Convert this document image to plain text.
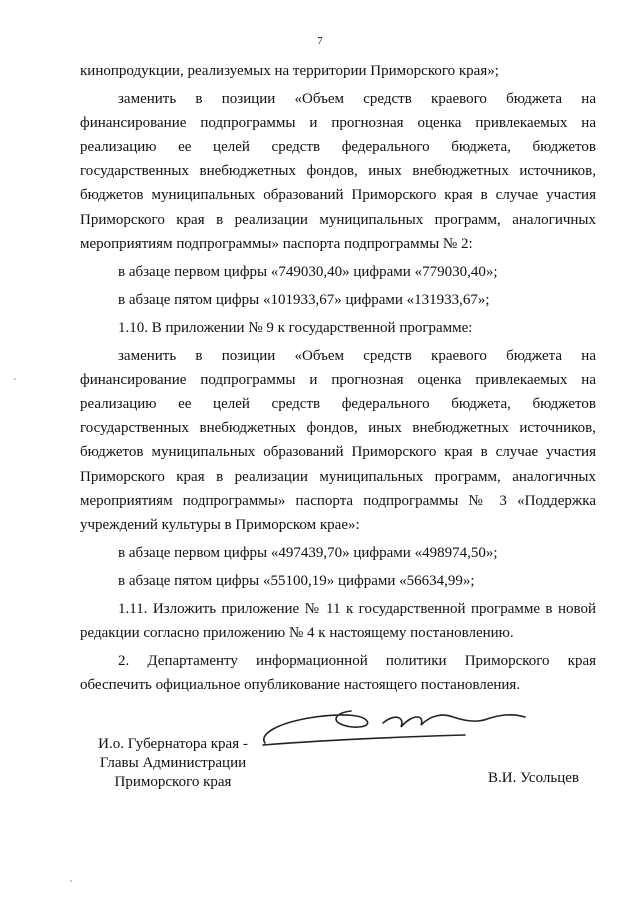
7

кинопродукции, реализуемых на территории Приморского края»;

заменить в позиции «Объем средств краевого бюджета на финансирование подпрограммы и прогнозная оценка привлекаемых на реализацию ее целей средств федерального бюджета, бюджетов государственных внебюджетных фондов, иных внебюджетных источников, бюджетов муниципальных образований Приморского края в случае участия Приморского края в реализации муниципальных программ, аналогичных мероприятиям подпрограммы» паспорта подпрограммы № 2:

в абзаце первом цифры «749030,40» цифрами «779030,40»;

в абзаце пятом цифры «101933,67» цифрами «131933,67»;

1.10. В приложении № 9 к государственной программе:

заменить в позиции «Объем средств краевого бюджета на финансирование подпрограммы и прогнозная оценка привлекаемых на реализацию ее целей средств федерального бюджета, бюджетов государственных внебюджетных фондов, иных внебюджетных источников, бюджетов муниципальных образований Приморского края в случае участия Приморского края в реализации муниципальных программ, аналогичных мероприятиям подпрограммы» паспорта подпрограммы № 3 «Поддержка учреждений культуры в Приморском крае»:

в абзаце первом цифры «497439,70» цифрами «498974,50»;

в абзаце пятом цифры «55100,19» цифрами «56634,99»;

1.11. Изложить приложение № 11 к государственной программе в новой редакции согласно приложению № 4 к настоящему постановлению.

2. Департаменту информационной политики Приморского края обеспечить официальное опубликование настоящего постановления.

И.о. Губернатора края -
Главы Администрации
Приморского края	В.И. Усольцев
